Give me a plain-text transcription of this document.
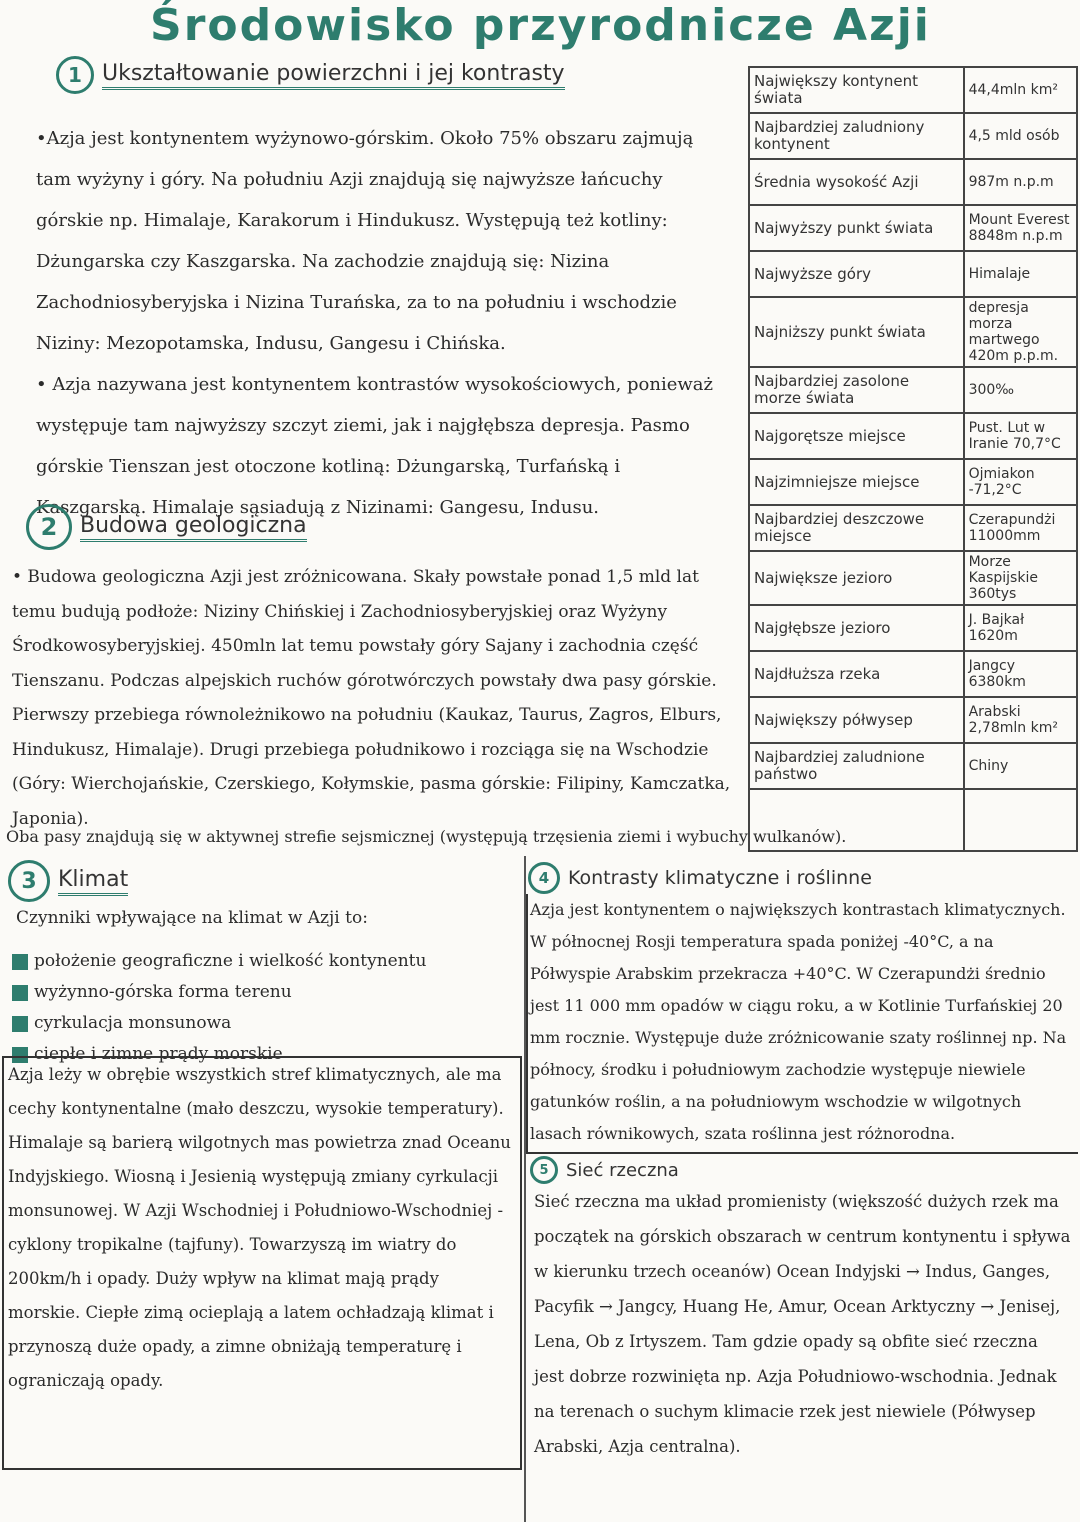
Środowisko przyrodnicze Azji
1 Ukształtowanie powierzchni i jej kontrasty

•Azja jest kontynentem wyżynowo-górskim. Około 75% obszaru zajmują tam wyżyny i góry. Na południu Azji znajdują się najwyższe łańcuchy górskie np. Himalaje, Karakorum i Hindukusz. Występują też kotliny: Dżungarska czy Kaszgarska. Na zachodzie znajdują się: Nizina Zachodniosyberyjska i Nizina Turańska, za to na południu i wschodzie Niziny: Mezopotamska, Indusu, Gangesu i Chińska.

• Azja nazywana jest kontynentem kontrastów wysokościowych, ponieważ występuje tam najwyższy szczyt ziemi, jak i najgłębsza depresja. Pasmo górskie Tienszan jest otoczone kotliną: Dżungarską, Turfańską i Kaszgarską. Himalaje sąsiadują z Nizinami: Gangesu, Indusu.

Największy kontynent świata	44,4mln km²
Najbardziej zaludniony kontynent	4,5 mld osób
Średnia wysokość Azji	987m n.p.m
Najwyższy punkt świata	Mount Everest 8848m n.p.m
Najwyższe góry	Himalaje
Najniższy punkt świata	depresja morza martwego 420m p.p.m.
Najbardziej zasolone morze świata	300‰
Najgorętsze miejsce	Pust. Lut w Iranie 70,7°C
Najzimniejsze miejsce	Ojmiakon -71,2°C
Najbardziej deszczowe miejsce	Czerapundżi 11000mm
Największe jezioro	Morze Kaspijskie 360tys
Najgłębsze jezioro	J. Bajkał 1620m
Najdłuższa rzeka	Jangcy 6380km
Największy półwysep	Arabski 2,78mln km²
Najbardziej zaludnione państwo	Chiny

2	Budowa geologiczna

• Budowa geologiczna Azji jest zróżnicowana. Skały powstałe ponad 1,5 mld lat temu budują podłoże: Niziny Chińskiej i Zachodniosyberyjskiej oraz Wyżyny Środkowosyberyjskiej. 450mln lat temu powstały góry Sajany i zachodnia część Tienszanu. Podczas alpejskich ruchów górotwórczych powstały dwa pasy górskie. Pierwszy przebiega równoleżnikowo na południu (Kaukaz, Taurus, Zagros, Elburs, Hindukusz, Himalaje). Drugi przebiega południkowo i rozciąga się na Wschodzie (Góry: Wierchojańskie, Czerskiego, Kołymskie, pasma górskie: Filipiny, Kamczatka, Japonia).

Oba pasy znajdują się w aktywnej strefie sejsmicznej (występują trzęsienia ziemi i wybuchy wulkanów).
3 Klimat
Czynniki wpływające na klimat w Azji to:
położenie geograficzne i wielkość kontynentu
wyżynno-górska forma terenu
cyrkulacja monsunowa
ciepłe i zimne prądy morskie
Azja leży w obrębie wszystkich stref klimatycznych, ale ma cechy kontynentalne (mało deszczu, wysokie temperatury). Himalaje są barierą wilgotnych mas powietrza znad Oceanu Indyjskiego. Wiosną i Jesienią występują zmiany cyrkulacji monsunowej. W Azji Wschodniej i Południowo-Wschodniej - cyklony tropikalne (tajfuny). Towarzyszą im wiatry do 200km/h i opady. Duży wpływ na klimat mają prądy morskie. Ciepłe zimą ocieplają a latem ochładzają klimat i przynoszą duże opady, a zimne obniżają temperaturę i ograniczają opady.
4 Kontrasty klimatyczne i roślinne
Azja jest kontynentem o największych kontrastach klimatycznych. W północnej Rosji temperatura spada poniżej -40°C, a na Półwyspie Arabskim przekracza +40°C. W Czerapundżi średnio jest 11 000 mm opadów w ciągu roku, a w Kotlinie Turfańskiej 20 mm rocznie. Występuje duże zróżnicowanie szaty roślinnej np. Na północy, środku i południowym zachodzie występuje niewiele gatunków roślin, a na południowym wschodzie w wilgotnych lasach równikowych, szata roślinna jest różnorodna.
5 Sieć rzeczna
Sieć rzeczna ma układ promienisty (większość dużych rzek ma początek na górskich obszarach w centrum kontynentu i spływa w kierunku trzech oceanów) Ocean Indyjski → Indus, Ganges, Pacyfik → Jangcy, Huang He, Amur, Ocean Arktyczny → Jenisej, Lena, Ob z Irtyszem. Tam gdzie opady są obfite sieć rzeczna jest dobrze rozwinięta np. Azja Południowo-wschodnia. Jednak na terenach o suchym klimacie rzek jest niewiele (Półwysep Arabski, Azja centralna).
